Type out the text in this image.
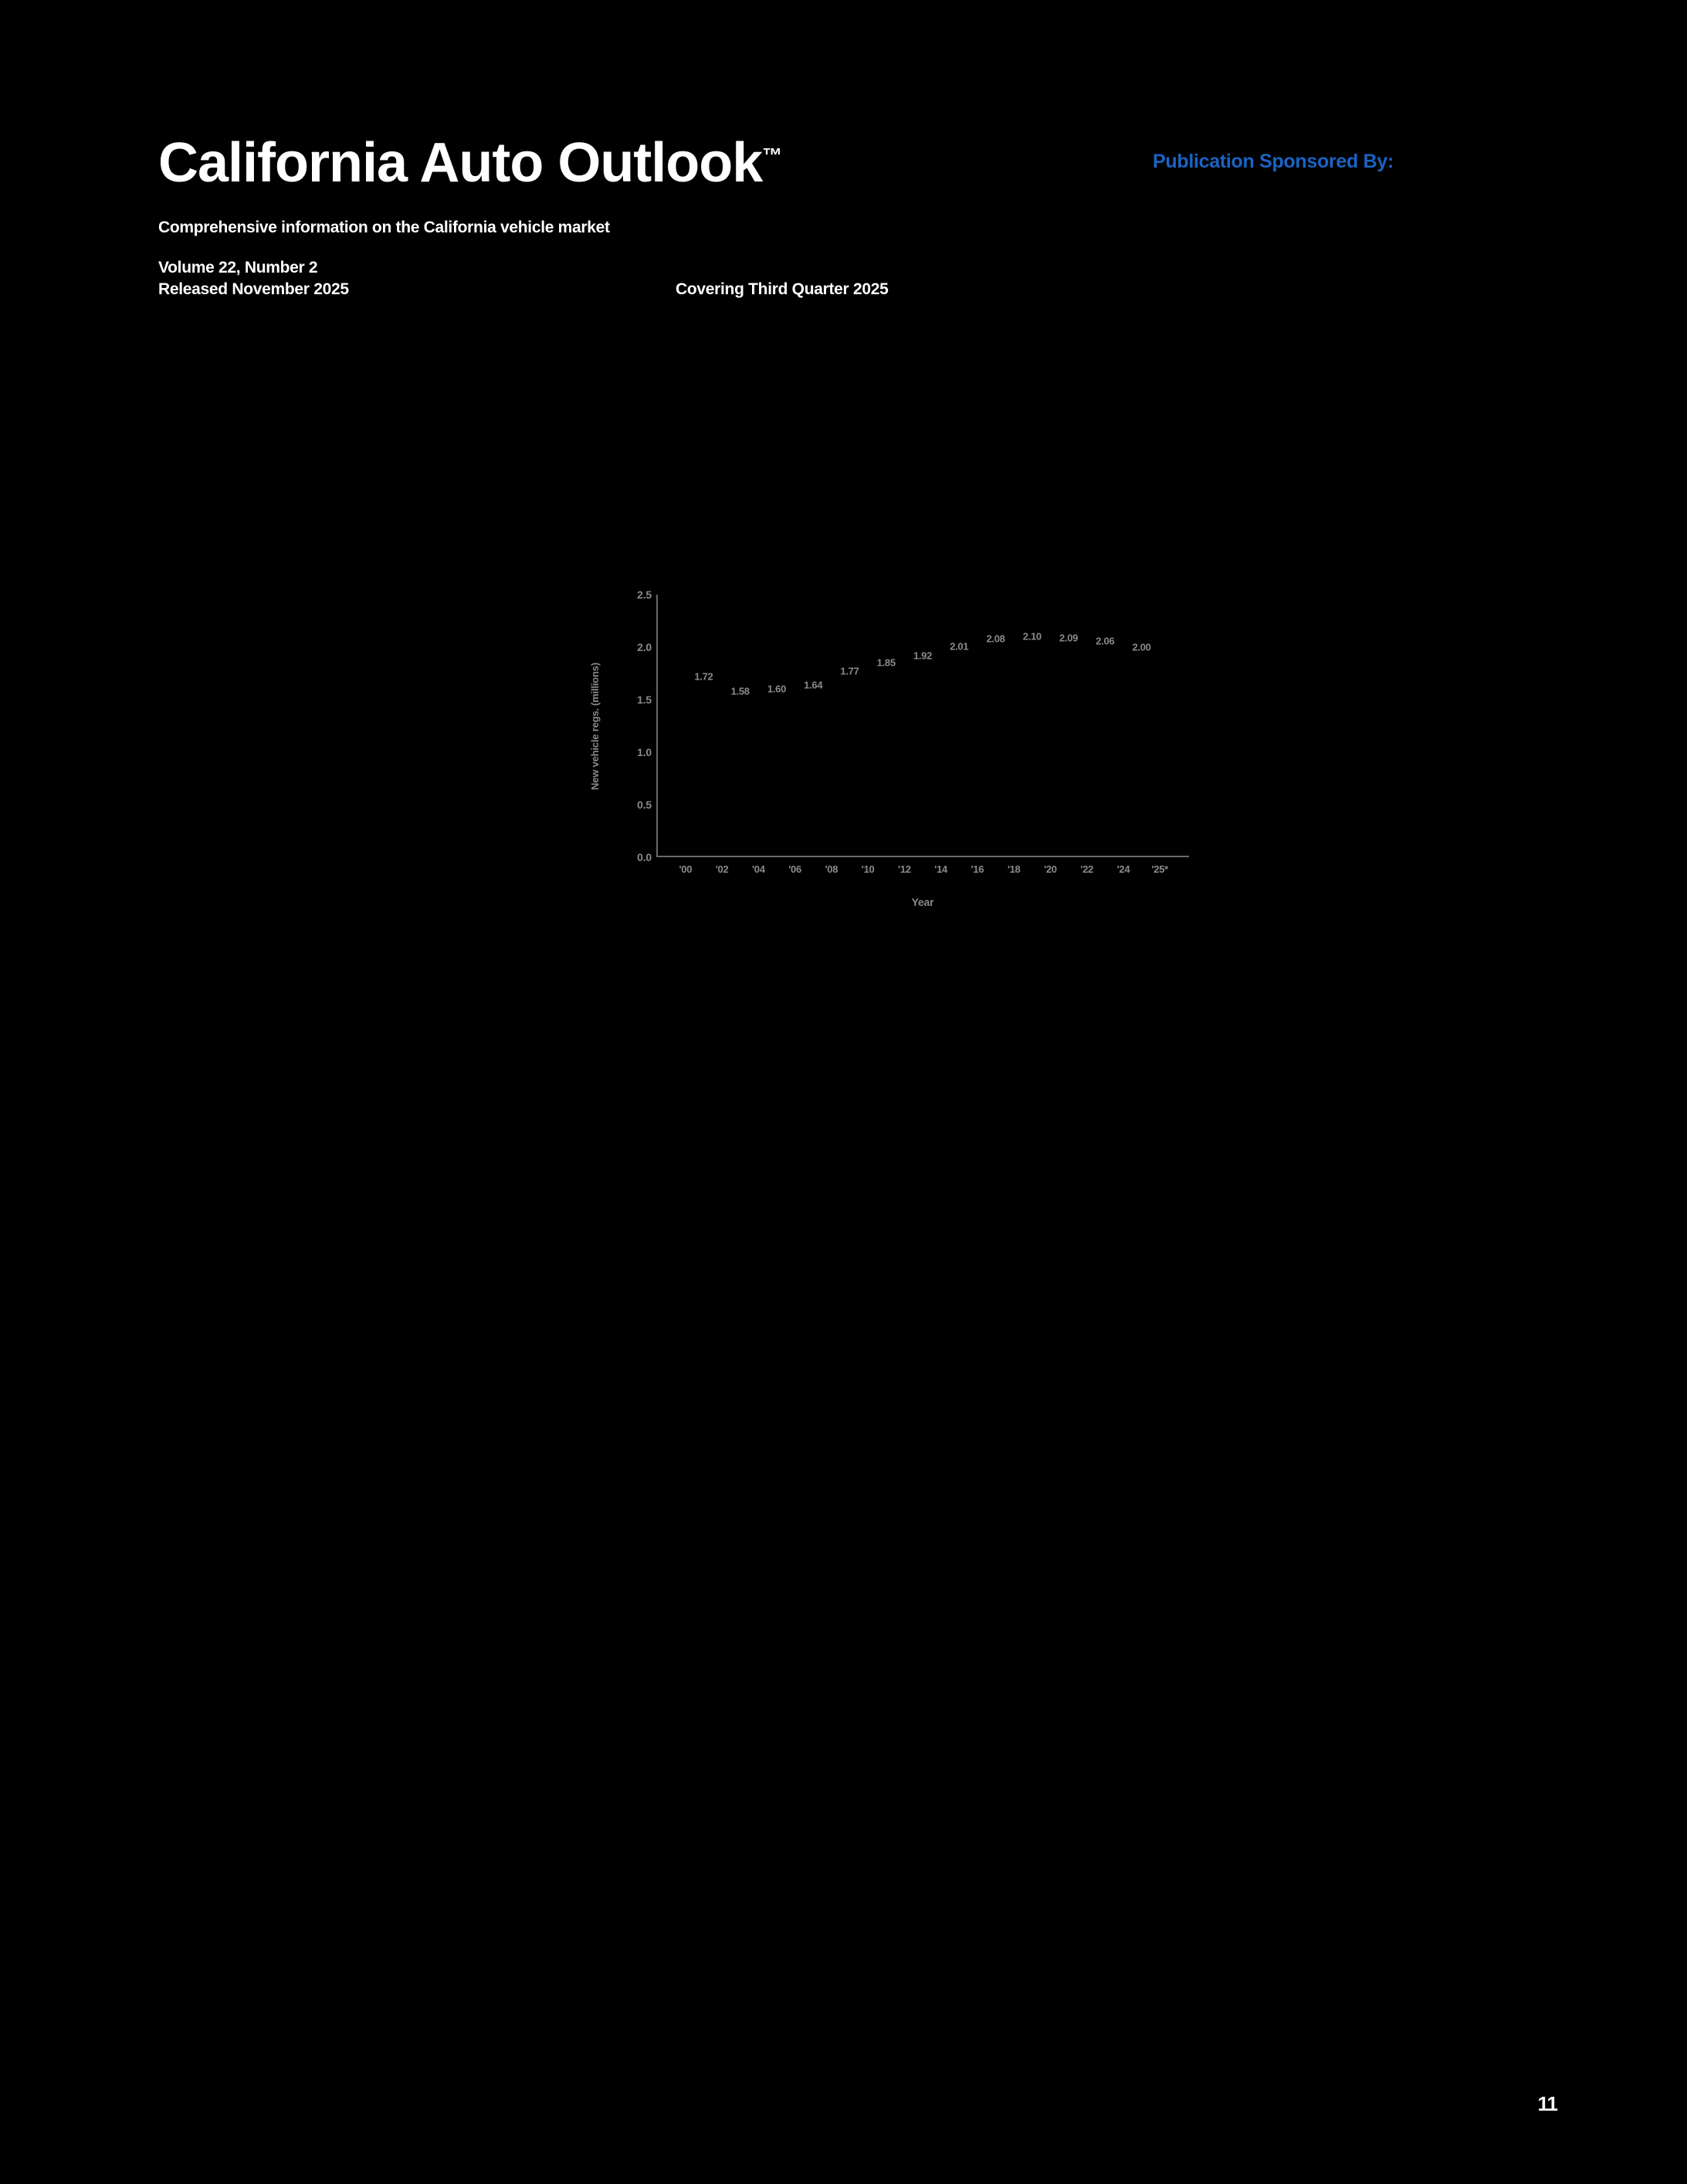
California Auto Outlook™	Publication Sponsored By:
Comprehensive information on the California vehicle market
Volume 22, Number 2
Released November 2025	Covering Third Quarter 2025
New vehicle regs. (millions)
0.0
0.5
1.0
1.5
2.0
2.5
1.72
1.58 1.60 1.64
1.77
1.85
1.92
2.01
2.08 2.10 2.09 2.06
2.00
'00 '02 '04 '06 '08 '10 '12 '14 '16 '18 '20 '22 '24 '25*
Year
11
